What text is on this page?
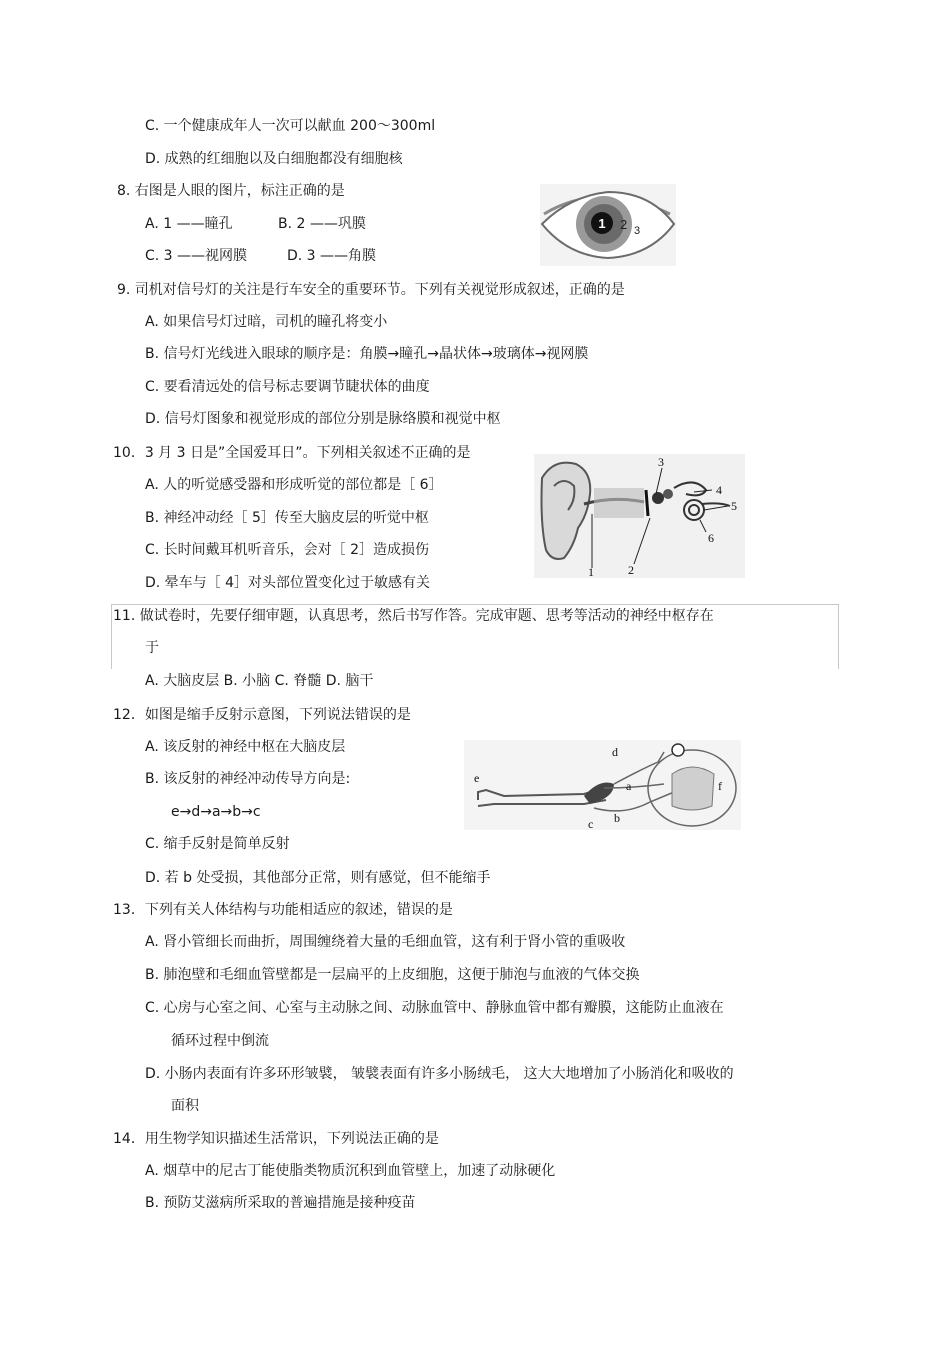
C. 一个健康成年人一次可以献血 200～300ml
D. 成熟的红细胞以及白细胞都没有细胞核
8. 右图是人眼的图片，标注正确的是
A. 1 ——瞳孔	B. 2 ——巩膜
C. 3 ——视网膜	D. 3 ——角膜
1 2 3
9. 司机对信号灯的关注是行车安全的重要环节。下列有关视觉形成叙述，正确的是
A. 如果信号灯过暗，司机的瞳孔将变小
B. 信号灯光线进入眼球的顺序是：角膜→瞳孔→晶状体→玻璃体→视网膜
C. 要看清远处的信号标志要调节睫状体的曲度
D. 信号灯图象和视觉形成的部位分别是脉络膜和视觉中枢
10．3 月 3 日是”全国爱耳日”。下列相关叙述不正确的是
A. 人的听觉感受器和形成听觉的部位都是［ 6］
B. 神经冲动经［ 5］传至大脑皮层的听觉中枢
C. 长时间戴耳机听音乐，会对［ 2］造成损伤
D. 晕车与［ 4］对头部位置变化过于敏感有关
1	2
3
4
5
6
11. 做试卷时，先要仔细审题，认真思考，然后书写作答。完成审题、思考等活动的神经中枢存在
于
A. 大脑皮层 B. 小脑 C. 脊髓 D. 脑干
12．如图是缩手反射示意图，下列说法错误的是
A. 该反射的神经中枢在大脑皮层
B. 该反射的神经冲动传导方向是:
e→d→a→b→c
C. 缩手反射是简单反射
D. 若 b 处受损，其他部分正常，则有感觉，但不能缩手
a
b
c
d
e
f
13．下列有关人体结构与功能相适应的叙述，错误的是
A. 肾小管细长而曲折，周围缠绕着大量的毛细血管，这有利于肾小管的重吸收
B. 肺泡壁和毛细血管壁都是一层扁平的上皮细胞，这便于肺泡与血液的气体交换
C. 心房与心室之间、心室与主动脉之间、动脉血管中、静脉血管中都有瓣膜，这能防止血液在
循环过程中倒流
D. 小肠内表面有许多环形皱襞， 皱襞表面有许多小肠绒毛， 这大大地增加了小肠消化和吸收的
面积
14．用生物学知识描述生活常识，下列说法正确的是
A. 烟草中的尼古丁能使脂类物质沉积到血管壁上，加速了动脉硬化
B. 预防艾滋病所采取的普遍措施是接种疫苗
